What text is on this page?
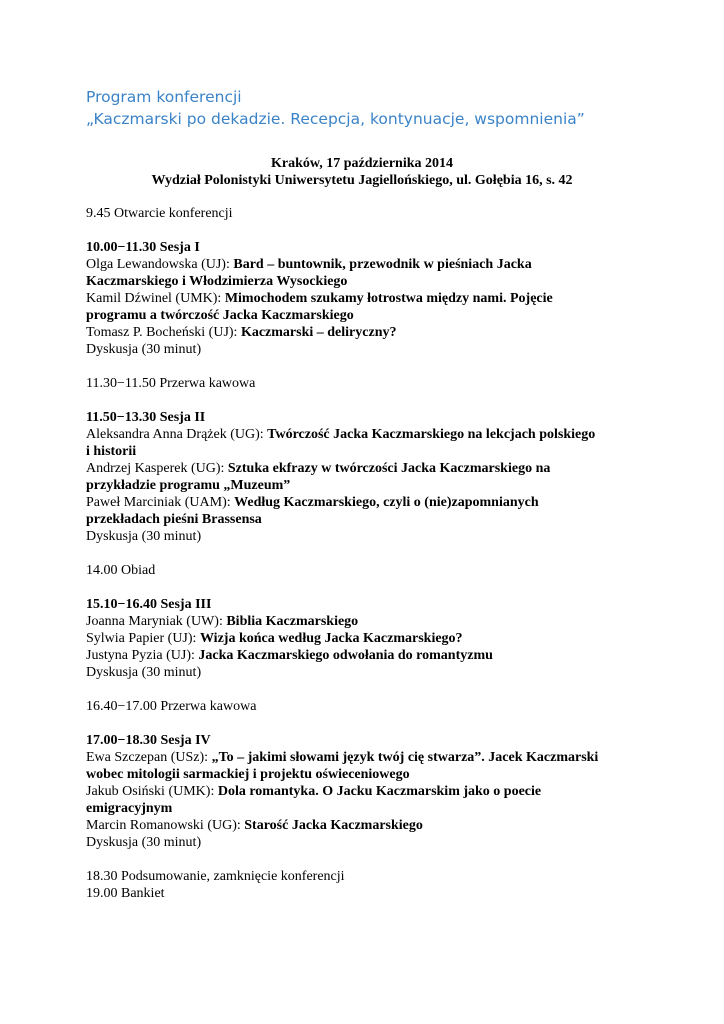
Program konferencji
„Kaczmarski po dekadzie. Recepcja, kontynuacje, wspomnienia”
Kraków, 17 października 2014
Wydział Polonistyki Uniwersytetu Jagiellońskiego, ul. Gołębia 16, s. 42
9.45 Otwarcie konferencji
10.00−11.30 Sesja I
Olga Lewandowska (UJ): Bard – buntownik, przewodnik w pieśniach Jacka
Kaczmarskiego i Włodzimierza Wysockiego
Kamil Dźwinel (UMK): Mimochodem szukamy łotrostwa między nami. Pojęcie
programu a twórczość Jacka Kaczmarskiego
Tomasz P. Bocheński (UJ): Kaczmarski – deliryczny?
Dyskusja (30 minut)
11.30−11.50 Przerwa kawowa
11.50−13.30 Sesja II
Aleksandra Anna Drążek (UG): Twórczość Jacka Kaczmarskiego na lekcjach polskiego
i historii
Andrzej Kasperek (UG): Sztuka ekfrazy w twórczości Jacka Kaczmarskiego na
przykładzie programu „Muzeum”
Paweł Marciniak (UAM): Według Kaczmarskiego, czyli o (nie)zapomnianych
przekładach pieśni Brassensa
Dyskusja (30 minut)
14.00 Obiad
15.10−16.40 Sesja III
Joanna Maryniak (UW): Biblia Kaczmarskiego
Sylwia Papier (UJ): Wizja końca według Jacka Kaczmarskiego?
Justyna Pyzia (UJ): Jacka Kaczmarskiego odwołania do romantyzmu
Dyskusja (30 minut)
16.40−17.00 Przerwa kawowa
17.00−18.30 Sesja IV
Ewa Szczepan (USz): „To – jakimi słowami język twój cię stwarza”. Jacek Kaczmarski
wobec mitologii sarmackiej i projektu oświeceniowego
Jakub Osiński (UMK): Dola romantyka. O Jacku Kaczmarskim jako o poecie
emigracyjnym
Marcin Romanowski (UG): Starość Jacka Kaczmarskiego
Dyskusja (30 minut)
18.30 Podsumowanie, zamknięcie konferencji
19.00 Bankiet
